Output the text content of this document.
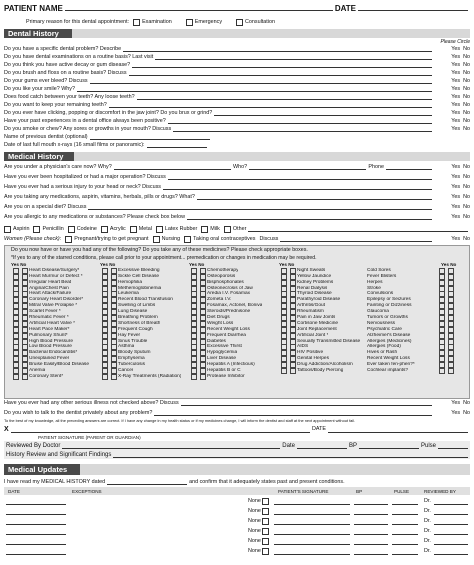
PATIENT NAME	DATE
Primary reason for this dental appointment: Examination	Emergency	Consultation
Dental History
Please Circle
Do you have a specific dental problem? Describe	Yes No
Do you have dental examinations on a routine basis? Last visit	Yes No
Do you think you have active decay or gum disease?	Yes No
Do you brush and floss on a routine basis? Discuss	Yes No
Do your gums ever bleed? Discuss	Yes No
Do you like your smile? Why?	Yes No
Does food catch between your teeth? Any loose teeth?	Yes No
Do you want to keep your remaining teeth?	Yes No
Do you ever have clicking, popping or discomfort in the jaw joint? Do you brux or grind?	Yes No
Have your past experiences in a dental office always been positive?	Yes No
Do you smoke or chew? Any sores or growths in your mouth? Discuss	Yes No
Name of previous dentist (optional)
Date of last full mouth x-rays (16 small films or panoramic):
Medical History
Are you under a physician's care now? Why?	Who?	Phone	Yes No
Have you ever been hospitalized or had a major operation? Discuss	Yes No
Have you ever had a serious injury to your head or neck? Discuss	Yes No
Are you taking any medications, aspirin, vitamins, herbals, pills or drugs? What?	Yes No
Are you on a special diet? Discuss	Yes No
Are you allergic to any medications or substances? Please check box below	Yes No
Aspirin Penicillin Codeine Acrylic Metal Latex Rubber Milk Other
Women (Please check): Pregnant/trying to get pregnant Nursing Taking oral contraceptives Discuss	Yes No
Do you now have or have you had any of the following? Do you take any of these medicines? Please check appropriate boxes.
*If yes to any of the starred conditions, please call prior to your appointment... premedication or changes in medication may be required.
Yes No
Heart Disease/Surgery*
Heart Murmur or Defect *
Irregular Heart Beat
Angina/Chest Pain
Heart Attack/Failure
Coronary Heart Disorder*
Mitral Valve Prolapse *
Scarlet Fever *
Rheumatic Fever *
Artificial Heart Valve *
Heart Pace Maker*
Pulmonary Shunt*
High Blood Pressure
Low Blood Pressure
Bacterial Endocarditis*
Unexplained Fever
Bruise Easily/Blood Disease
Anemia
Coronary Stent*
Yes No
Excessive Bleeding
Sickle Cell Disease
Hemophilia
Methemoglobinemia
Leukemia
Recent Blood Transfusion
Swelling of Limbs
Lung Disease
Breathing Problem
Shortness of Breath
Frequent Cough
Hay Fever
Sinus Trouble
Asthma
Bloody Sputum
Emphysema
Tuberculosis
Cancer
X-Ray Treatments (Radiation)
Yes No
Chemotherapy
Osteoporosis
Bisphosphonates
Osteonecrosis of Jaw
Aredia I.V. Fosamax
Zometa I.V.
Fosamax, Actonel, Boniva
Steroids/Prednisone
Diet Drugs
Weight Loss
Recent Weight Loss
Frequent Diarrhea
Diabetes
Excessive Thirst
Hypoglycemia
Liver Disease
Hepatitis A (Infectious)
Hepatitis B or C
Protease Inhibitor
Yes No
Night Sweats
Yellow Jaundice
Kidney Problems
Renal Dialysis
Thyroid Disease
Parathyroid Disease
Arthritis/Gout
Rheumatism
Pain in Jaw Joints
Cortisone Medicine
Joint Replacement
Artificial Joint *
Sexually Transmitted Disease
AIDS
HIV Positive
Genital Herpes
Drug Addiction/Alcoholism
Tattoos/Body Piercing
Yes No
Cold Sores
Fever Blisters
Herpes
Stroke
Convulsions
Epilepsy or Seizures
Fainting or Dizziness
Glaucoma
Tumors or Growths
Nervousness
Psychiatric Care
Alzheimer's Disease
Allergies (Medicines)
Allergies (Food)
Hives or Rash
Recent Weight Loss
Ever taken fen-phen?*
Cochlear implants?
Have you ever had any other serious illness not checked above? Discuss	Yes No
Do you wish to talk to the dentist privately about any problem?	Yes No
To the best of my knowledge, all the preceding answers are correct. If I have any change in my health status or if my medicines change, I will inform the dentist and staff at the next appointment without fail.
X	DATE
PATIENT SIGNATURE (PARENT OR GUARDIAN)
Reviewed By Doctor	Date	BP	Pulse
History Review and Significant Findings
Medical Updates
I have read my MEDICAL HISTORY dated	and confirm that it adequately states past and present conditions.
DATE	EXCEPTIONS	PATIENT'S SIGNATURE	BP	PULSE	REVIEWED BY
None	Dr.
None	Dr.
None	Dr.
None	Dr.
None	Dr.
None	Dr.
